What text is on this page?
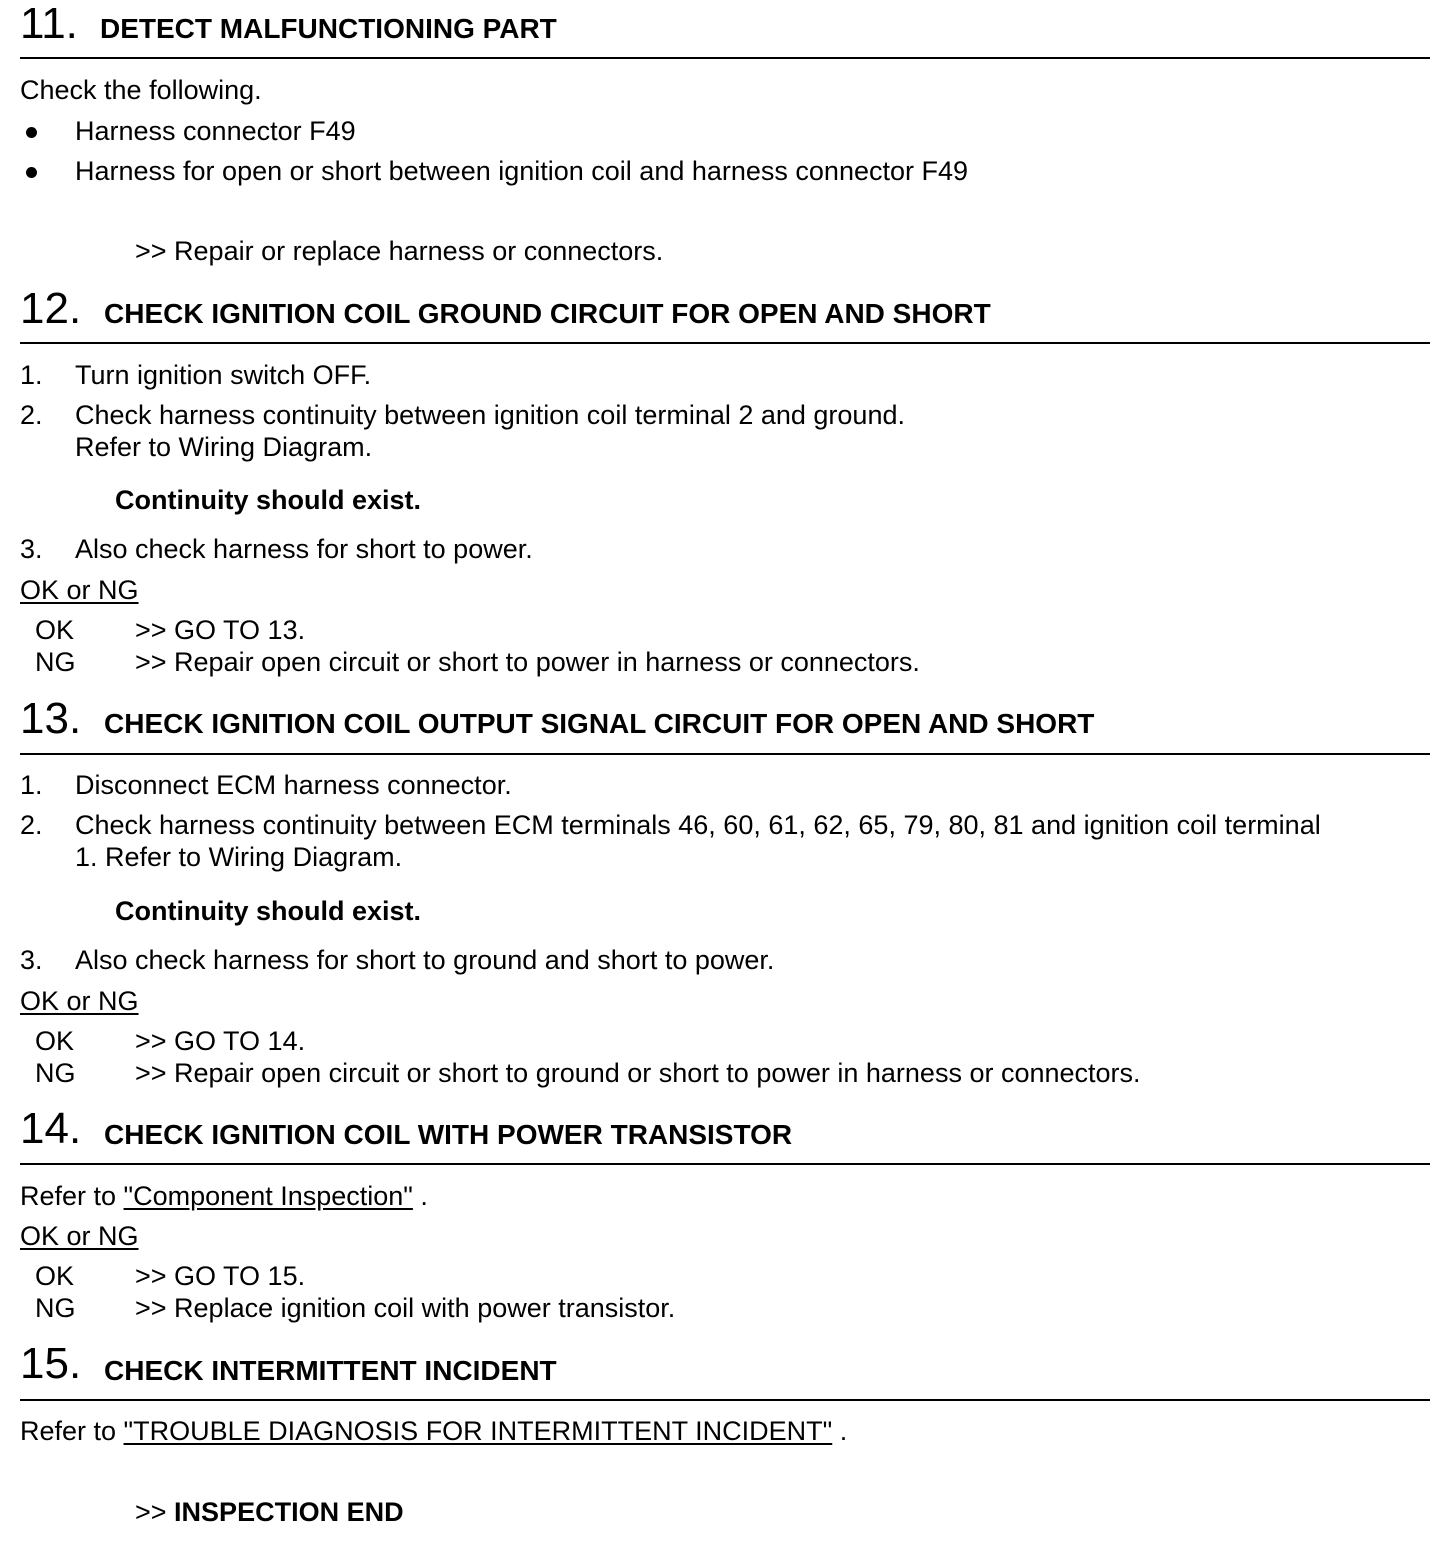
11. DETECT MALFUNCTIONING PART
Check the following.
Harness connector F49
Harness for open or short between ignition coil and harness connector F49
>> Repair or replace harness or connectors.
12. CHECK IGNITION COIL GROUND CIRCUIT FOR OPEN AND SHORT
1. Turn ignition switch OFF.
2. Check harness continuity between ignition coil terminal 2 and ground.
Refer to Wiring Diagram.
Continuity should exist.
3. Also check harness for short to power.
OK or NG
OK >> GO TO 13.
NG >> Repair open circuit or short to power in harness or connectors.
13. CHECK IGNITION COIL OUTPUT SIGNAL CIRCUIT FOR OPEN AND SHORT
1. Disconnect ECM harness connector.
2. Check harness continuity between ECM terminals 46, 60, 61, 62, 65, 79, 80, 81 and ignition coil terminal
1. Refer to Wiring Diagram.
Continuity should exist.
3. Also check harness for short to ground and short to power.
OK or NG
OK >> GO TO 14.
NG >> Repair open circuit or short to ground or short to power in harness or connectors.
14. CHECK IGNITION COIL WITH POWER TRANSISTOR
Refer to "Component Inspection" .
OK or NG
OK >> GO TO 15.
NG >> Replace ignition coil with power transistor.
15. CHECK INTERMITTENT INCIDENT
Refer to "TROUBLE DIAGNOSIS FOR INTERMITTENT INCIDENT" .
>> INSPECTION END
